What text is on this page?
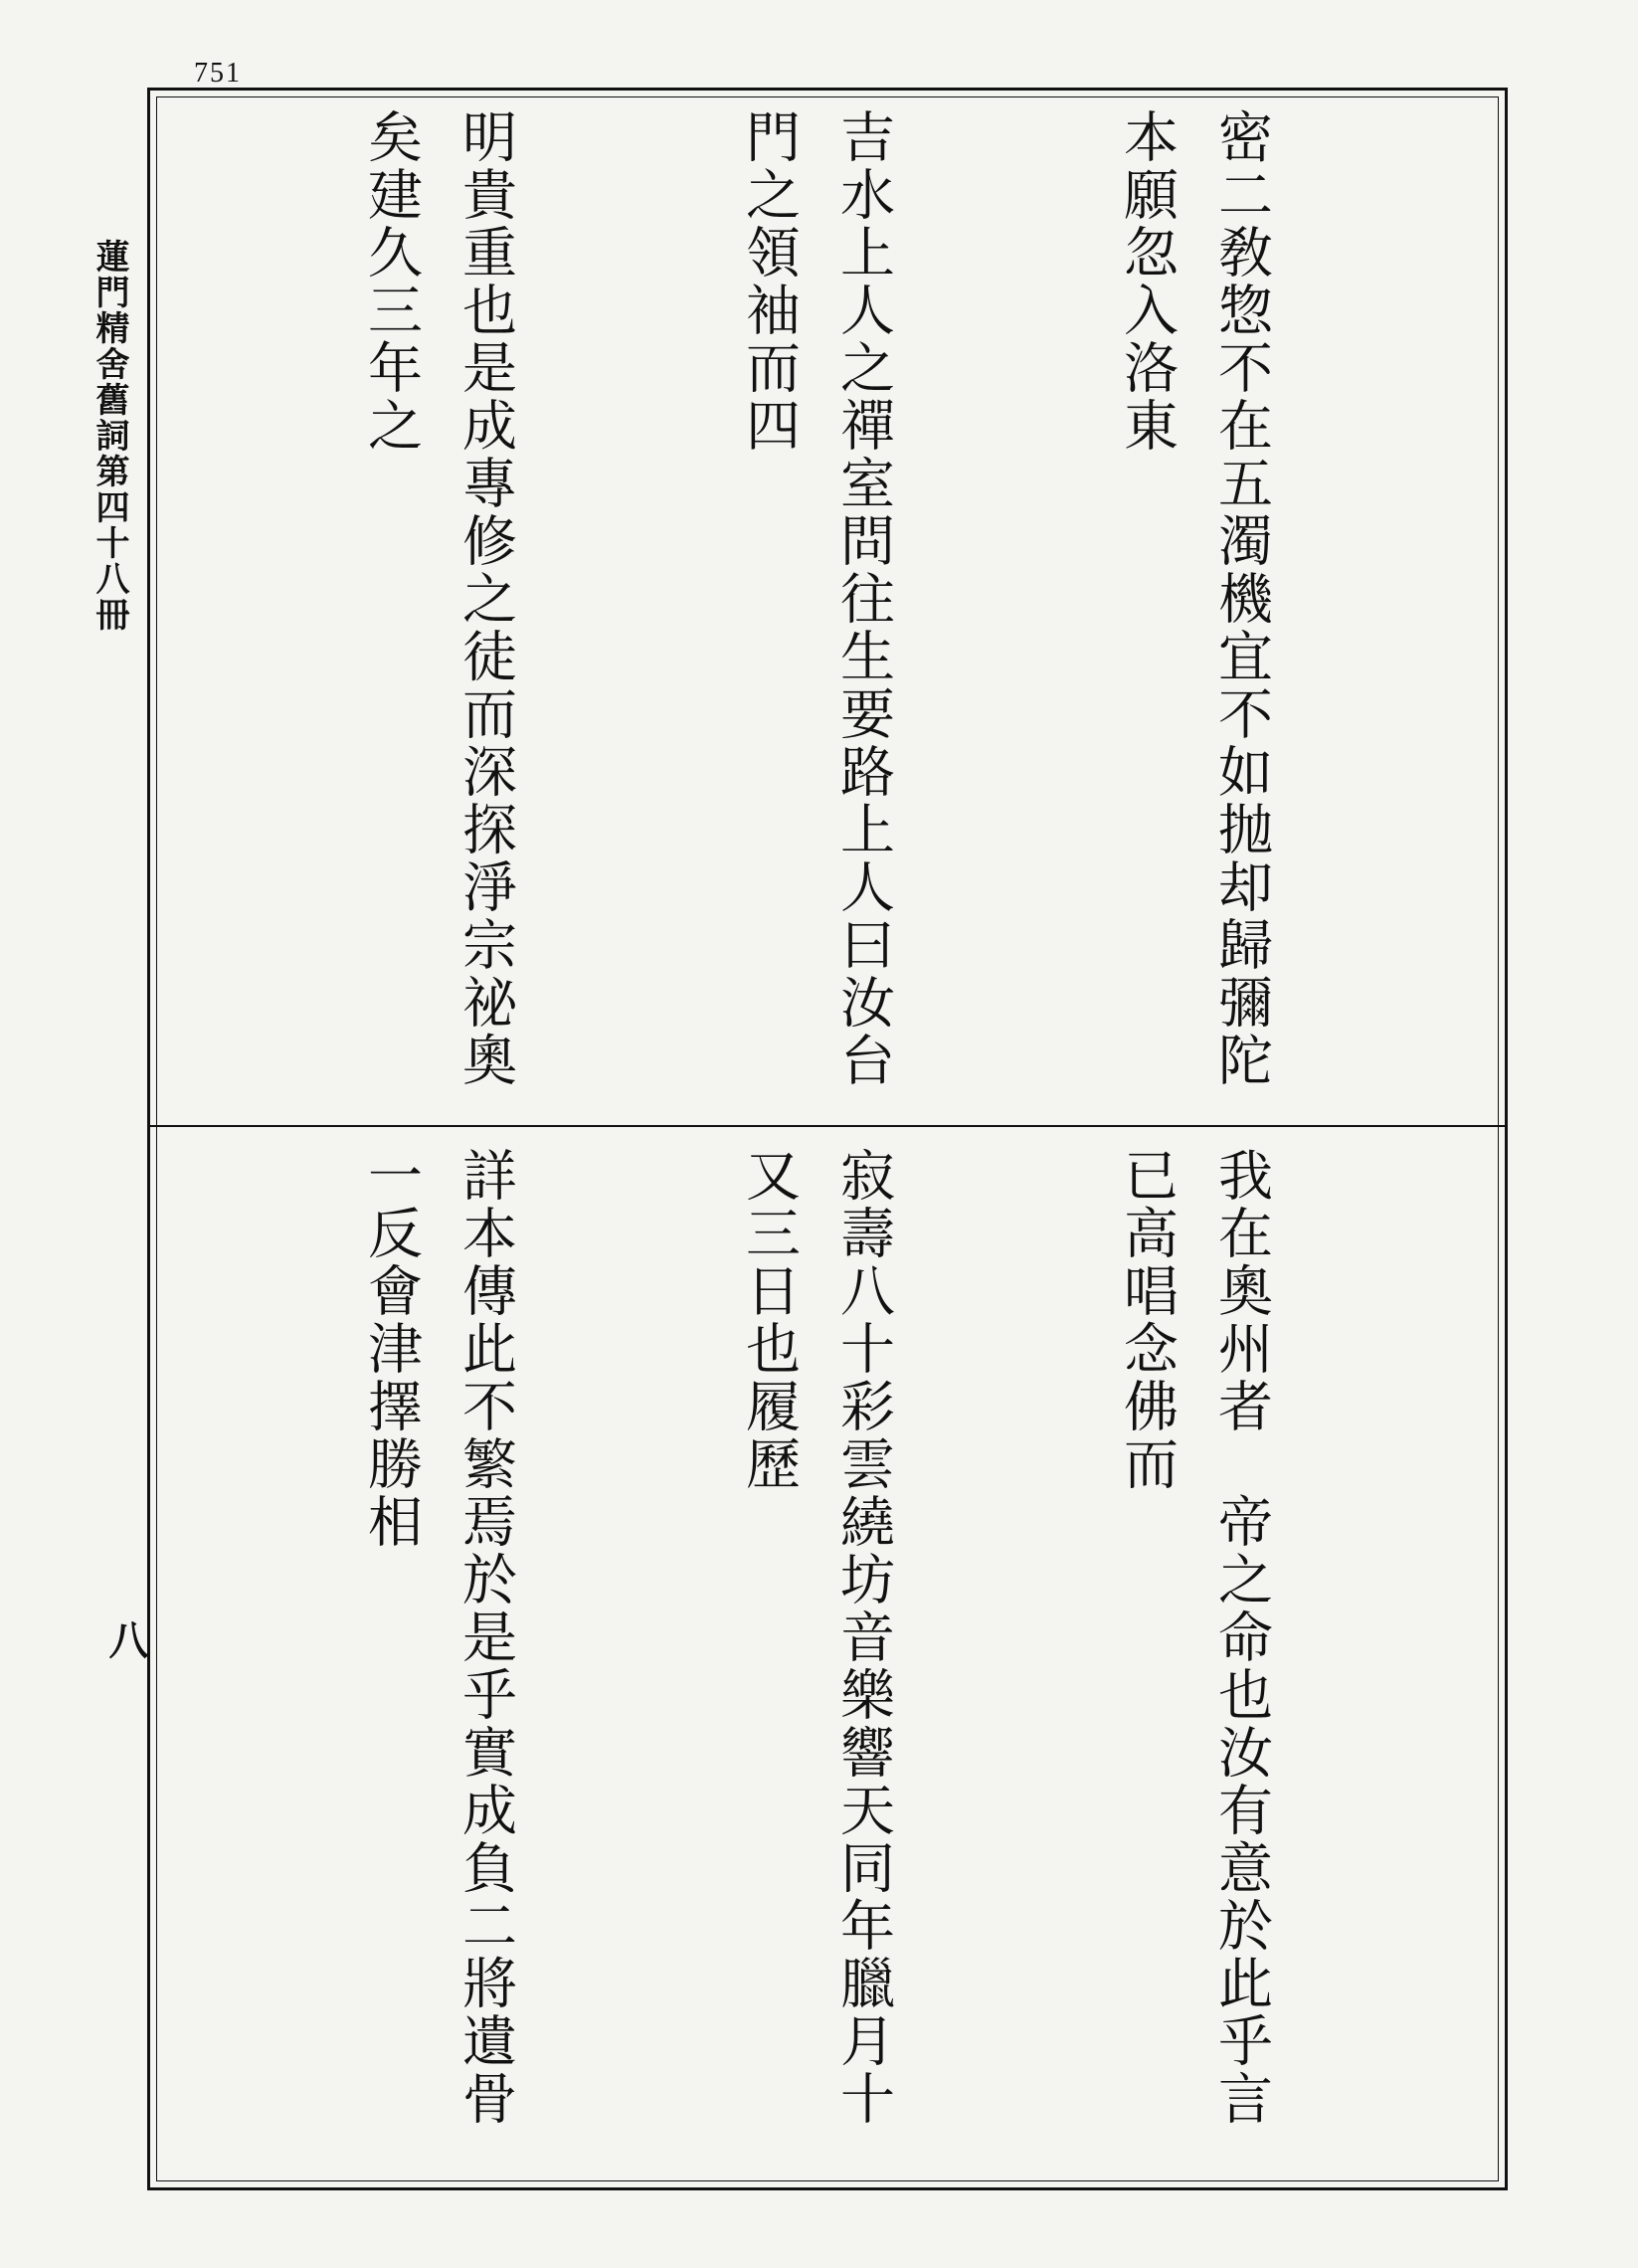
751
蓮門精舍舊詞第四十八冊
八

密二敎惣不在五濁機宜不如抛却歸彌陀本願忽入洛東

吉水上人之禪室問往生要路上人曰汝台門之領袖而四

明貴重也是成專修之徒而深探淨宗祕奧矣建久三年之

我在奧州者　帝之命也汝有意於此乎言已高唱念佛而

寂壽八十彩雲繞坊音樂響天同年臘月十又三日也履歷

詳本傳此不繁焉於是乎實成負二將遺骨一反會津擇勝相
